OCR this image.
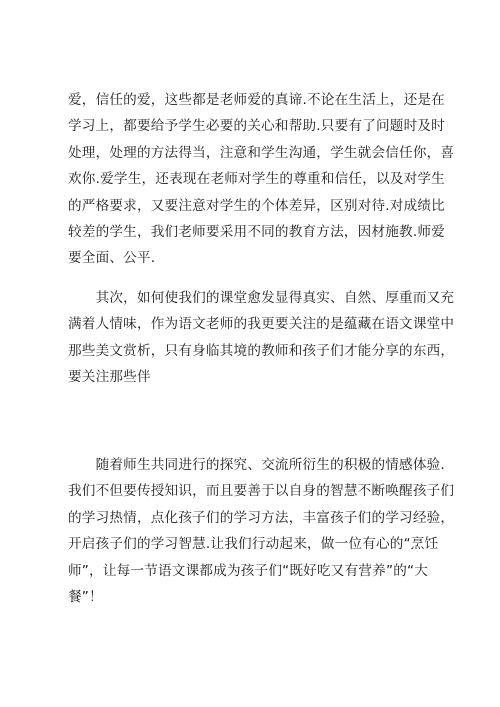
爱，信任的爱，这些都是老师爱的真谛.不论在生活上，还是在
学习上，都要给予学生必要的关心和帮助.只要有了问题时及时
处理，处理的方法得当，注意和学生沟通，学生就会信任你，喜
欢你.爱学生，还表现在老师对学生的尊重和信任，以及对学生
的严格要求，又要注意对学生的个体差异，区别对待.对成绩比
较差的学生，我们老师要采用不同的教育方法，因材施教.师爱
要全面、公平.
　　其次，如何使我们的课堂愈发显得真实、自然、厚重而又充
满着人情味，作为语文老师的我更要关注的是蕴藏在语文课堂中
那些美文赏析，只有身临其境的教师和孩子们才能分享的东西，
要关注那些伴
　　随着师生共同进行的探究、交流所衍生的积极的情感体验.
我们不但要传授知识，而且要善于以自身的智慧不断唤醒孩子们
的学习热情，点化孩子们的学习方法，丰富孩子们的学习经验，
开启孩子们的学习智慧.让我们行动起来，做一位有心的“烹饪
师”，让每一节语文课都成为孩子们“既好吃又有营养”的“大
餐”！
